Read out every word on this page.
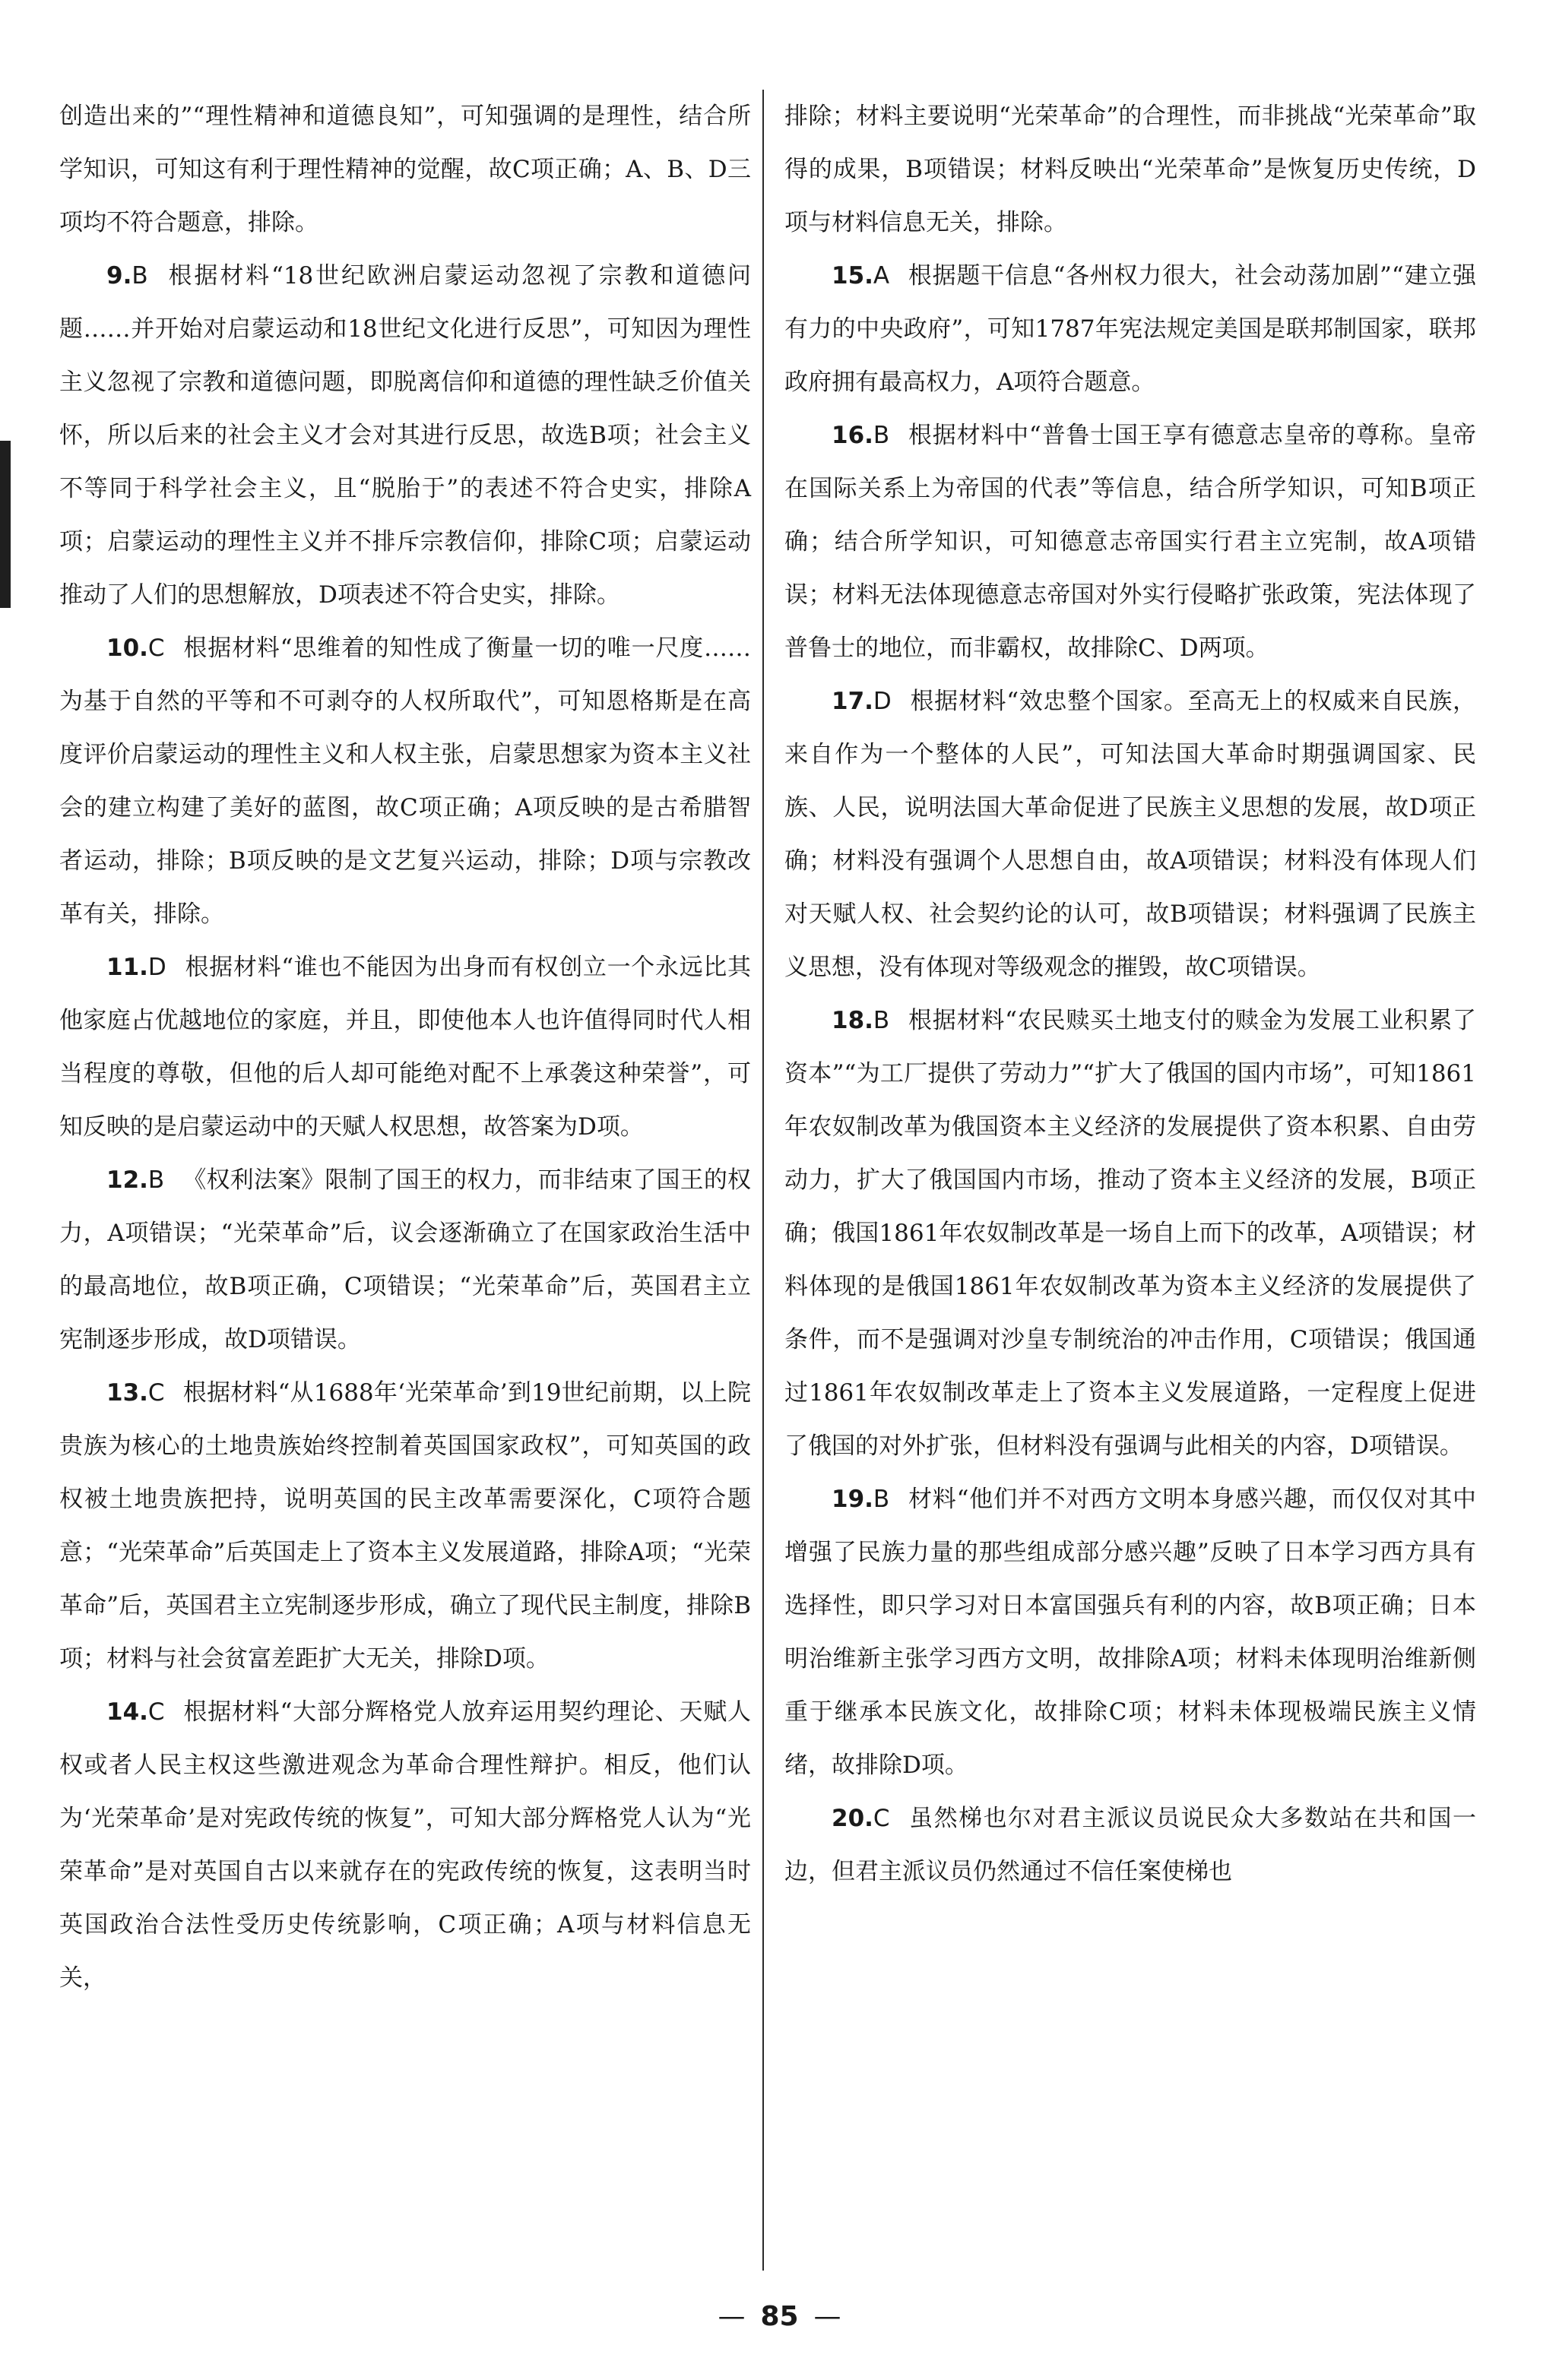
创造出来的”“理性精神和道德良知”，可知强调的是理性，结合所学知识，可知这有利于理性精神的觉醒，故C项正确；A、B、D三项均不符合题意，排除。

9.B 根据材料“18世纪欧洲启蒙运动忽视了宗教和道德问题……并开始对启蒙运动和18世纪文化进行反思”，可知因为理性主义忽视了宗教和道德问题，即脱离信仰和道德的理性缺乏价值关怀，所以后来的社会主义才会对其进行反思，故选B项；社会主义不等同于科学社会主义，且“脱胎于”的表述不符合史实，排除A项；启蒙运动的理性主义并不排斥宗教信仰，排除C项；启蒙运动推动了人们的思想解放，D项表述不符合史实，排除。

10.C 根据材料“思维着的知性成了衡量一切的唯一尺度……为基于自然的平等和不可剥夺的人权所取代”，可知恩格斯是在高度评价启蒙运动的理性主义和人权主张，启蒙思想家为资本主义社会的建立构建了美好的蓝图，故C项正确；A项反映的是古希腊智者运动，排除；B项反映的是文艺复兴运动，排除；D项与宗教改革有关，排除。

11.D 根据材料“谁也不能因为出身而有权创立一个永远比其他家庭占优越地位的家庭，并且，即使他本人也许值得同时代人相当程度的尊敬，但他的后人却可能绝对配不上承袭这种荣誉”，可知反映的是启蒙运动中的天赋人权思想，故答案为D项。

12.B 《权利法案》限制了国王的权力，而非结束了国王的权力，A项错误；“光荣革命”后，议会逐渐确立了在国家政治生活中的最高地位，故B项正确，C项错误；“光荣革命”后，英国君主立宪制逐步形成，故D项错误。

13.C 根据材料“从1688年‘光荣革命’到19世纪前期，以上院贵族为核心的土地贵族始终控制着英国国家政权”，可知英国的政权被土地贵族把持，说明英国的民主改革需要深化，C项符合题意；“光荣革命”后英国走上了资本主义发展道路，排除A项；“光荣革命”后，英国君主立宪制逐步形成，确立了现代民主制度，排除B项；材料与社会贫富差距扩大无关，排除D项。

14.C 根据材料“大部分辉格党人放弃运用契约理论、天赋人权或者人民主权这些激进观念为革命合理性辩护。相反，他们认为‘光荣革命’是对宪政传统的恢复”，可知大部分辉格党人认为“光荣革命”是对英国自古以来就存在的宪政传统的恢复，这表明当时英国政治合法性受历史传统影响，C项正确；A项与材料信息无关，

排除；材料主要说明“光荣革命”的合理性，而非挑战“光荣革命”取得的成果，B项错误；材料反映出“光荣革命”是恢复历史传统，D项与材料信息无关，排除。

15.A 根据题干信息“各州权力很大，社会动荡加剧”“建立强有力的中央政府”，可知1787年宪法规定美国是联邦制国家，联邦政府拥有最高权力，A项符合题意。

16.B 根据材料中“普鲁士国王享有德意志皇帝的尊称。皇帝在国际关系上为帝国的代表”等信息，结合所学知识，可知B项正确；结合所学知识，可知德意志帝国实行君主立宪制，故A项错误；材料无法体现德意志帝国对外实行侵略扩张政策，宪法体现了普鲁士的地位，而非霸权，故排除C、D两项。

17.D 根据材料“效忠整个国家。至高无上的权威来自民族，来自作为一个整体的人民”，可知法国大革命时期强调国家、民族、人民，说明法国大革命促进了民族主义思想的发展，故D项正确；材料没有强调个人思想自由，故A项错误；材料没有体现人们对天赋人权、社会契约论的认可，故B项错误；材料强调了民族主义思想，没有体现对等级观念的摧毁，故C项错误。

18.B 根据材料“农民赎买土地支付的赎金为发展工业积累了资本”“为工厂提供了劳动力”“扩大了俄国的国内市场”，可知1861年农奴制改革为俄国资本主义经济的发展提供了资本积累、自由劳动力，扩大了俄国国内市场，推动了资本主义经济的发展，B项正确；俄国1861年农奴制改革是一场自上而下的改革，A项错误；材料体现的是俄国1861年农奴制改革为资本主义经济的发展提供了条件，而不是强调对沙皇专制统治的冲击作用，C项错误；俄国通过1861年农奴制改革走上了资本主义发展道路，一定程度上促进了俄国的对外扩张，但材料没有强调与此相关的内容，D项错误。

19.B 材料“他们并不对西方文明本身感兴趣，而仅仅对其中增强了民族力量的那些组成部分感兴趣”反映了日本学习西方具有选择性，即只学习对日本富国强兵有利的内容，故B项正确；日本明治维新主张学习西方文明，故排除A项；材料未体现明治维新侧重于继承本民族文化，故排除C项；材料未体现极端民族主义情绪，故排除D项。

20.C 虽然梯也尔对君主派议员说民众大多数站在共和国一边，但君主派议员仍然通过不信任案使梯也

— 85 —
